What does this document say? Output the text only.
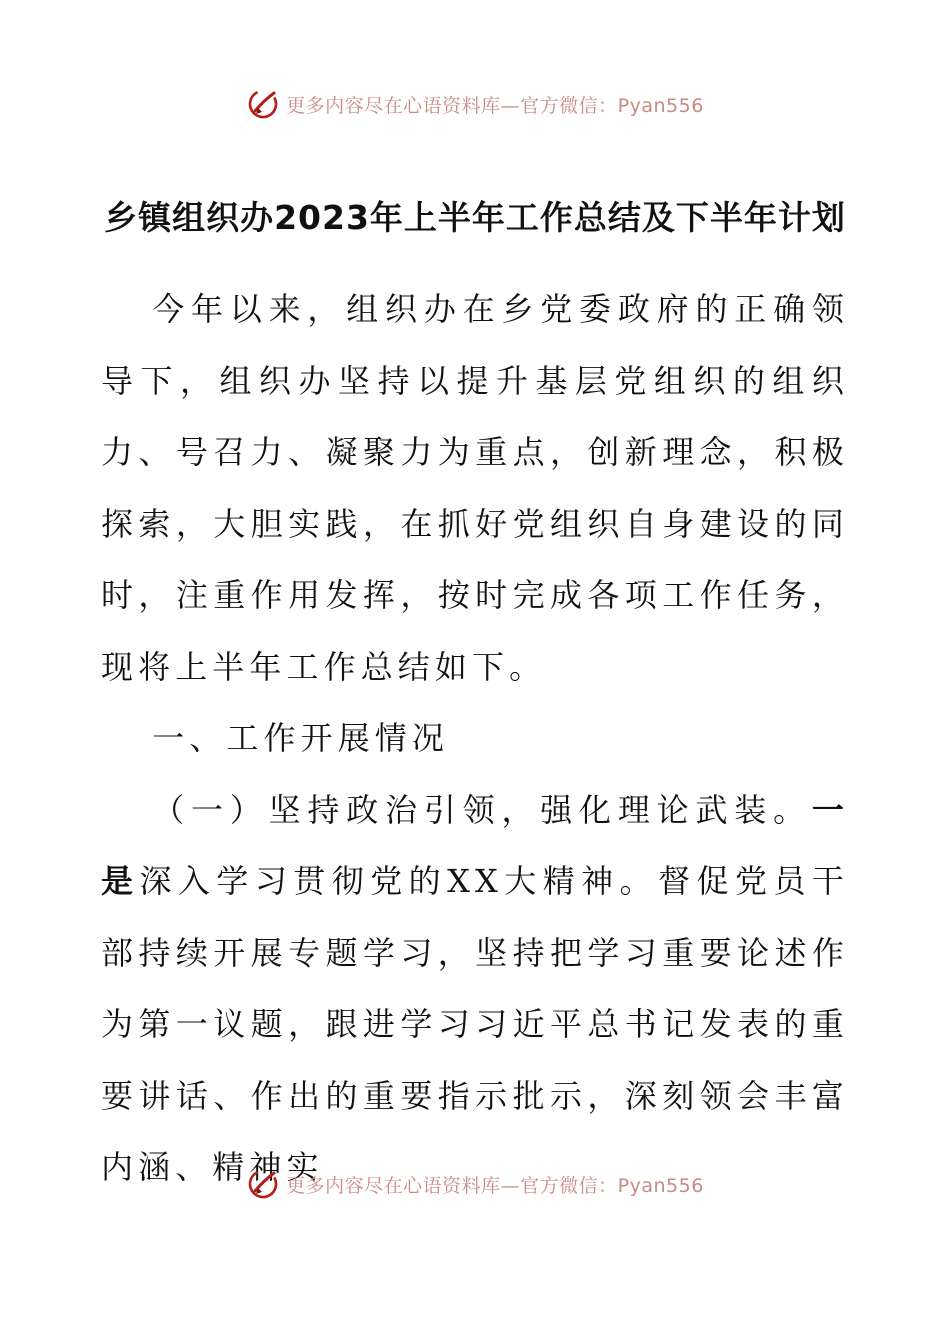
更多内容尽在心语资料库—官方微信：Pyan556
乡镇组织办2023年上半年工作总结及下半年计划

今年以来，组织办在乡党委政府的正确领导下，组织办坚持以提升基层党组织的组织力、号召力、凝聚力为重点，创新理念，积极探索，大胆实践，在抓好党组织自身建设的同时，注重作用发挥，按时完成各项工作任务，现将上半年工作总结如下。

一、工作开展情况

（一）坚持政治引领，强化理论武装。一是深入学习贯彻党的XX大精神。督促党员干部持续开展专题学习，坚持把学习重要论述作为第一议题，跟进学习习近平总书记发表的重要讲话、作出的重要指示批示，深刻领会丰富内涵、精神实

更多内容尽在心语资料库—官方微信：Pyan556
